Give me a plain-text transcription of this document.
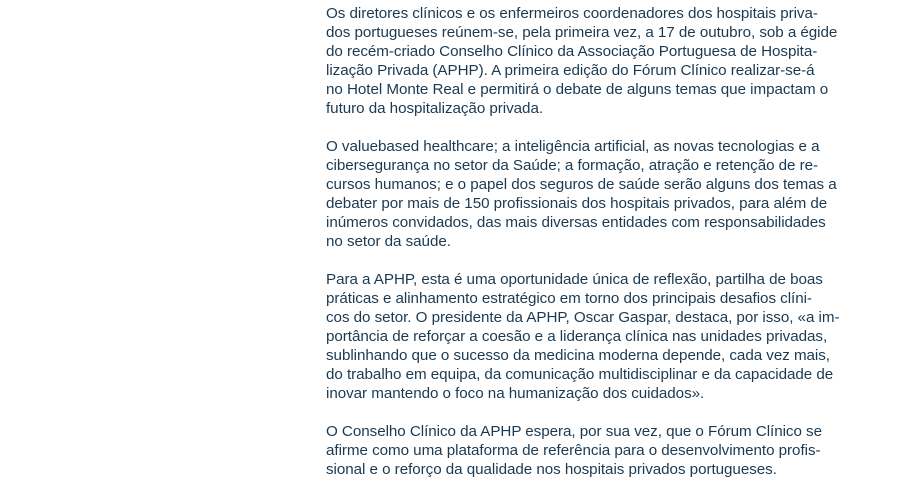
Os diretores clínicos e os enfermeiros coordenadores dos hospitais priva-
dos portugueses reúnem-se, pela primeira vez, a 17 de outubro, sob a égide
do recém-criado Conselho Clínico da Associação Portuguesa de Hospita-
lização Privada (APHP). A primeira edição do Fórum Clínico realizar-se-á
no Hotel Monte Real e permitirá o debate de alguns temas que impactam o
futuro da hospitalização privada.

O valuebased healthcare; a inteligência artificial, as novas tecnologias e a
cibersegurança no setor da Saúde; a formação, atração e retenção de re-
cursos humanos; e o papel dos seguros de saúde serão alguns dos temas a
debater por mais de 150 profissionais dos hospitais privados, para além de
inúmeros convidados, das mais diversas entidades com responsabilidades
no setor da saúde.

Para a APHP, esta é uma oportunidade única de reflexão, partilha de boas
práticas e alinhamento estratégico em torno dos principais desafios clíni-
cos do setor. O presidente da APHP, Oscar Gaspar, destaca, por isso, «a im-
portância de reforçar a coesão e a liderança clínica nas unidades privadas,
sublinhando que o sucesso da medicina moderna depende, cada vez mais,
do trabalho em equipa, da comunicação multidisciplinar e da capacidade de
inovar mantendo o foco na humanização dos cuidados».

O Conselho Clínico da APHP espera, por sua vez, que o Fórum Clínico se
afirme como uma plataforma de referência para o desenvolvimento profis-
sional e o reforço da qualidade nos hospitais privados portugueses.
